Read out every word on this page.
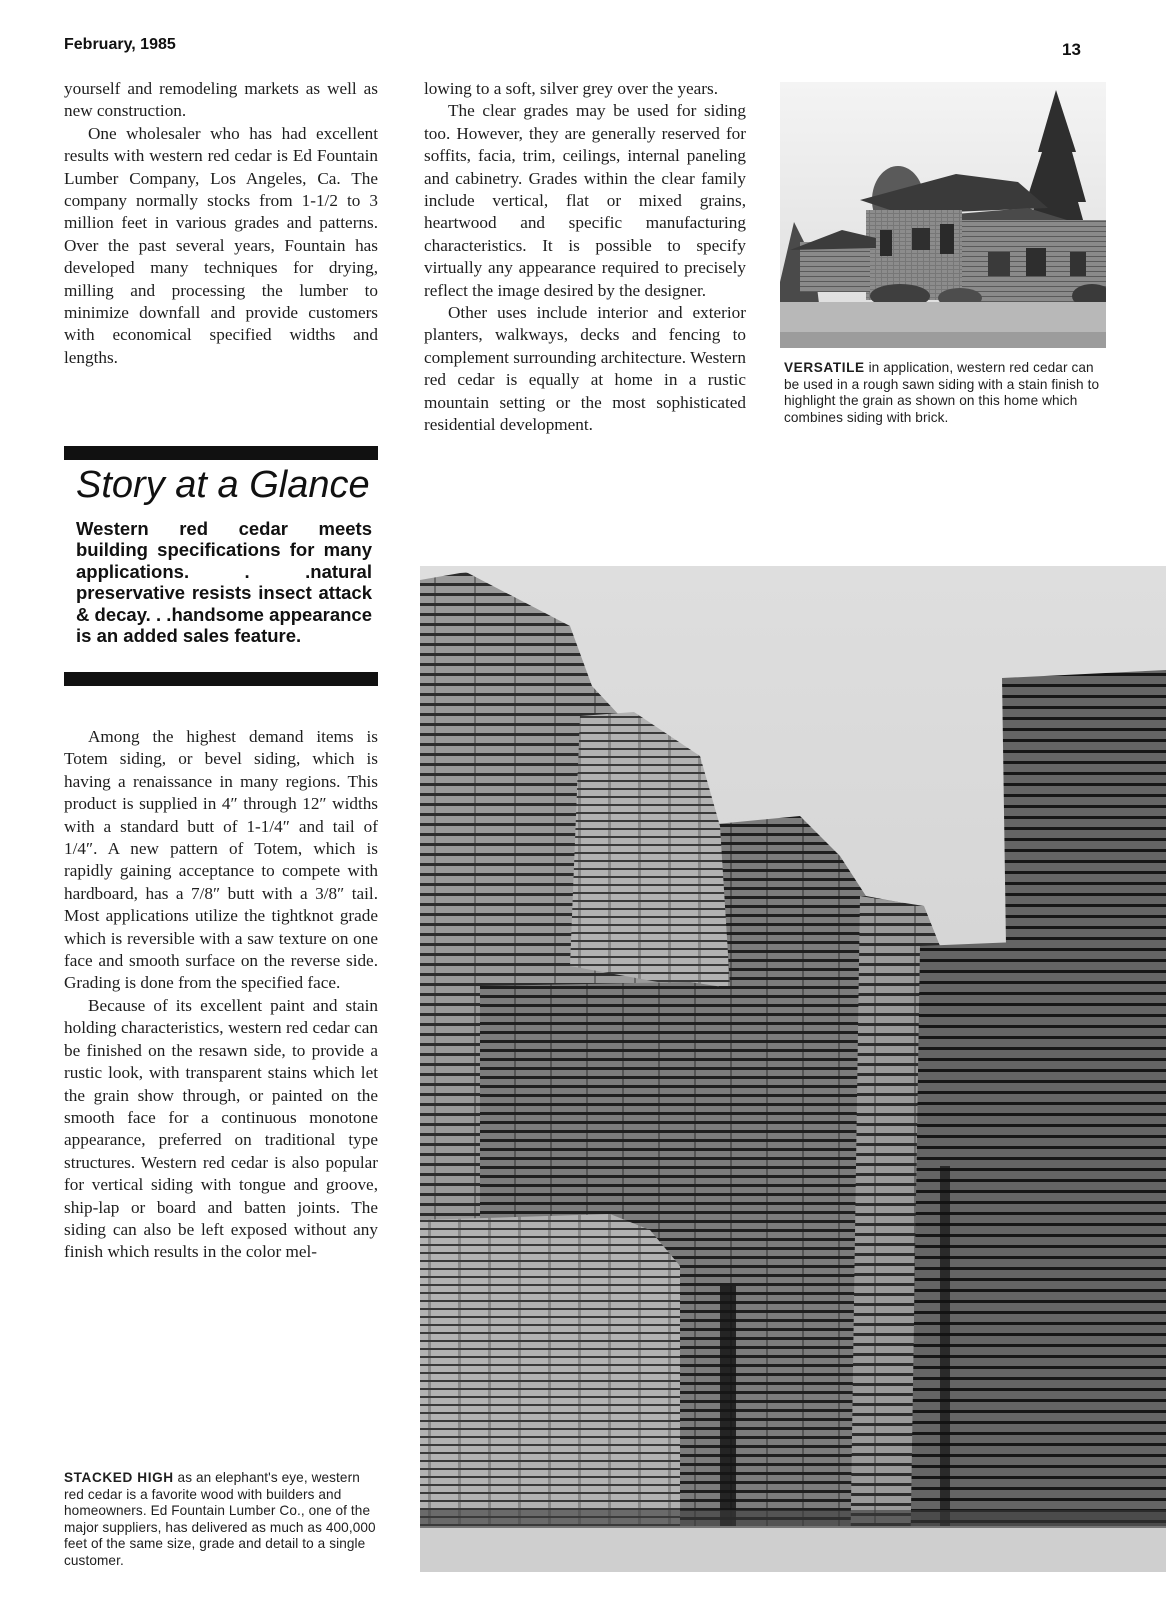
February, 1985	13

yourself and remodeling markets as well as new construction.

One wholesaler who has had excellent results with western red cedar is Ed Fountain Lumber Company, Los Angeles, Ca. The company normally stocks from 1-1/2 to 3 million feet in various grades and patterns. Over the past several years, Fountain has developed many techniques for drying, milling and processing the lumber to minimize downfall and provide customers with economical specified widths and lengths.

Story at a Glance
Western red cedar meets building specifications for many applications. . .natural preservative resists insect attack & decay. . .handsome appearance is an added sales feature.

Among the highest demand items is Totem siding, or bevel siding, which is having a renaissance in many regions. This product is supplied in 4″ through 12″ widths with a standard butt of 1-1/4″ and tail of 1/4″. A new pattern of Totem, which is rapidly gaining acceptance to compete with hardboard, has a 7/8″ butt with a 3/8″ tail. Most applications utilize the tightknot grade which is reversible with a saw texture on one face and smooth surface on the reverse side. Grading is done from the specified face.

Because of its excellent paint and stain holding characteristics, western red cedar can be finished on the resawn side, to provide a rustic look, with transparent stains which let the grain show through, or painted on the smooth face for a continuous monotone appearance, preferred on traditional type structures. Western red cedar is also popular for vertical siding with tongue and groove, ship-lap or board and batten joints. The siding can also be left exposed without any finish which results in the color mel-

lowing to a soft, silver grey over the years.

The clear grades may be used for siding too. However, they are generally reserved for soffits, facia, trim, ceilings, internal paneling and cabinetry. Grades within the clear family include vertical, flat or mixed grains, heartwood and specific manufacturing characteristics. It is possible to specify virtually any appearance required to precisely reflect the image desired by the designer.

Other uses include interior and exterior planters, walkways, decks and fencing to complement surrounding architecture. Western red cedar is equally at home in a rustic mountain setting or the most sophisticated residential development.

VERSATILE in application, western red cedar can be used in a rough sawn siding with a stain finish to highlight the grain as shown on this home which combines siding with brick.
STACKED HIGH as an elephant's eye, western red cedar is a favorite wood with builders and homeowners. Ed Fountain Lumber Co., one of the major suppliers, has delivered as much as 400,000 feet of the same size, grade and detail to a single customer.
